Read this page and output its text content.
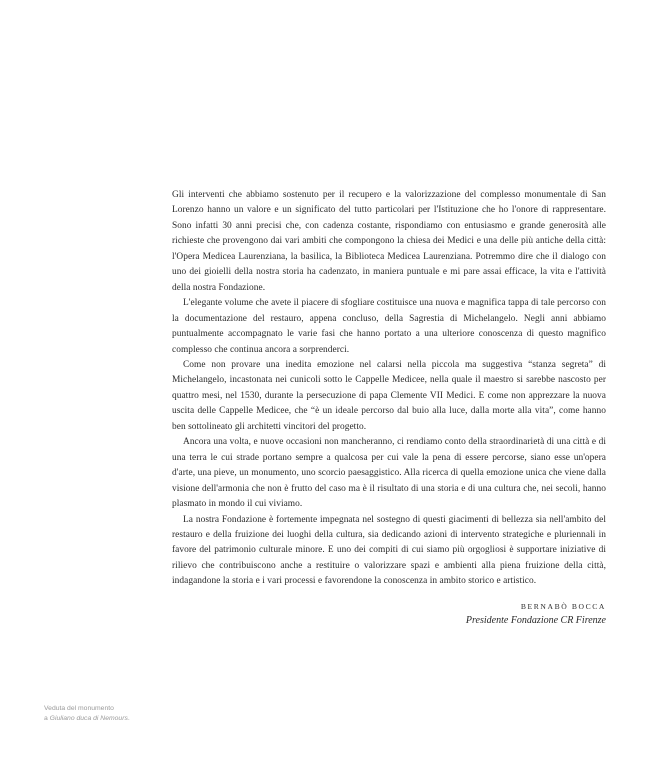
Gli interventi che abbiamo sostenuto per il recupero e la valorizzazione del complesso monumentale di San Lorenzo hanno un valore e un significato del tutto particolari per l'Istituzione che ho l'onore di rappresentare. Sono infatti 30 anni precisi che, con cadenza costante, rispondiamo con entusiasmo e grande generosità alle richieste che provengono dai vari ambiti che compongono la chiesa dei Medici e una delle più antiche della città: l'Opera Medicea Laurenziana, la basilica, la Biblioteca Medicea Laurenziana. Potremmo dire che il dialogo con uno dei gioielli della nostra storia ha cadenzato, in maniera puntuale e mi pare assai efficace, la vita e l'attività della nostra Fondazione.

L'elegante volume che avete il piacere di sfogliare costituisce una nuova e magnifica tappa di tale percorso con la documentazione del restauro, appena concluso, della Sagrestia di Michelangelo. Negli anni abbiamo puntualmente accompagnato le varie fasi che hanno portato a una ulteriore conoscenza di questo magnifico complesso che continua ancora a sorprenderci.

Come non provare una inedita emozione nel calarsi nella piccola ma suggestiva “stanza segreta” di Michelangelo, incastonata nei cunicoli sotto le Cappelle Medicee, nella quale il maestro si sarebbe nascosto per quattro mesi, nel 1530, durante la persecuzione di papa Clemente VII Medici. E come non apprezzare la nuova uscita delle Cappelle Medicee, che “è un ideale percorso dal buio alla luce, dalla morte alla vita”, come hanno ben sottolineato gli architetti vincitori del progetto.

Ancora una volta, e nuove occasioni non mancheranno, ci rendiamo conto della straordinarietà di una città e di una terra le cui strade portano sempre a qualcosa per cui vale la pena di essere percorse, siano esse un'opera d'arte, una pieve, un monumento, uno scorcio paesaggistico. Alla ricerca di quella emozione unica che viene dalla visione dell'armonia che non è frutto del caso ma è il risultato di una storia e di una cultura che, nei secoli, hanno plasmato in mondo il cui viviamo.

La nostra Fondazione è fortemente impegnata nel sostegno di questi giacimenti di bellezza sia nell'ambito del restauro e della fruizione dei luoghi della cultura, sia dedicando azioni di intervento strategiche e pluriennali in favore del patrimonio culturale minore. E uno dei compiti di cui siamo più orgogliosi è supportare iniziative di rilievo che contribuiscono anche a restituire o valorizzare spazi e ambienti alla piena fruizione della città, indagandone la storia e i vari processi e favorendone la conoscenza in ambito storico e artistico.

BERNABÒ BOCCA
Presidente Fondazione CR Firenze
Veduta del monumento
a Giuliano duca di Nemours.
